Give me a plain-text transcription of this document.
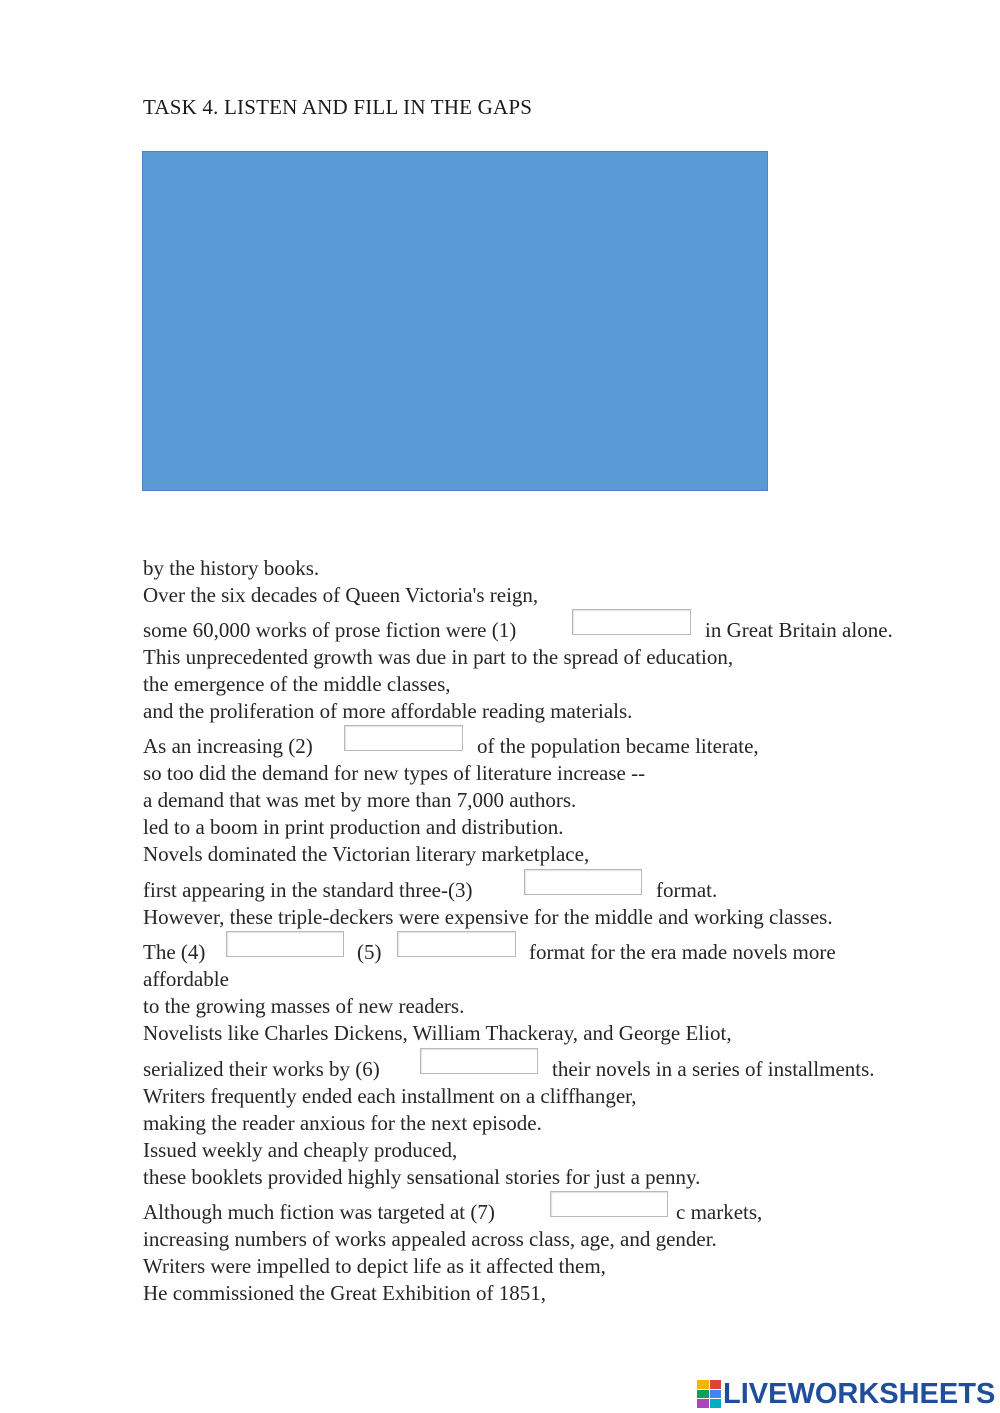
TASK 4. LISTEN AND FILL IN THE GAPS
by the history books.
Over the six decades of Queen Victoria's reign,
some 60,000 works of prose fiction were (1)	in Great Britain alone.
This unprecedented growth was due in part to the spread of education,
the emergence of the middle classes,
and the proliferation of more affordable reading materials.
As an increasing (2)	of the population became literate,
so too did the demand for new types of literature increase --
a demand that was met by more than 7,000 authors.
led to a boom in print production and distribution.
Novels dominated the Victorian literary marketplace,
first appearing in the standard three-(3)	format.
However, these triple-deckers were expensive for the middle and working classes.
The (4)	(5)	format for the era made novels more
affordable
to the growing masses of new readers.
Novelists like Charles Dickens, William Thackeray, and George Eliot,
serialized their works by (6)	their novels in a series of installments.
Writers frequently ended each installment on a cliffhanger,
making the reader anxious for the next episode.
Issued weekly and cheaply produced,
these booklets provided highly sensational stories for just a penny.
Although much fiction was targeted at (7)	c markets,
increasing numbers of works appealed across class, age, and gender.
Writers were impelled to depict life as it affected them,
He commissioned the Great Exhibition of 1851,
LIVEWORKSHEETS
